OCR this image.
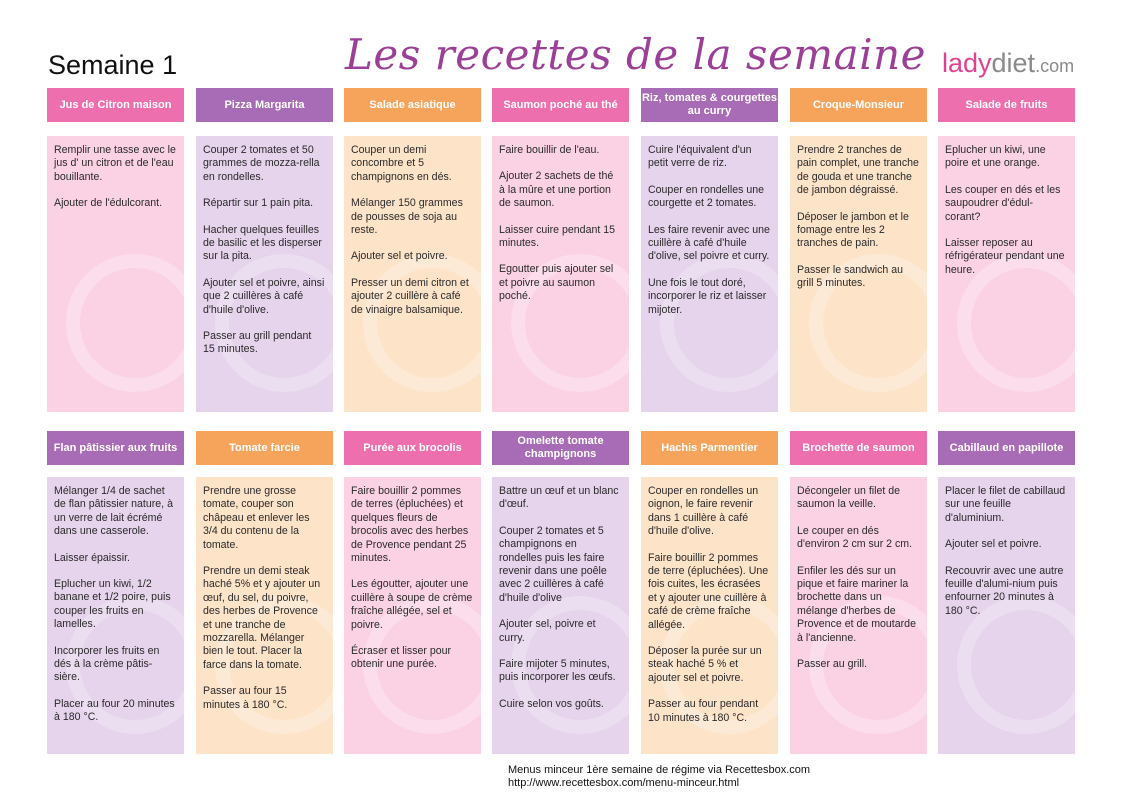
Semaine 1	Les recettes de la semaine ladydiet.com
Jus de Citron maison

Remplir une tasse avec le jus d' un citron et de l'eau bouillante.

Ajouter de l'édulcorant.

Pizza Margarita

Couper 2 tomates et 50 grammes de mozza-rella en rondelles.

Répartir sur 1 pain pita.

Hacher quelques feuilles de basilic et les disperser sur la pita.

Ajouter sel et poivre, ainsi que 2 cuillères à café d'huile d'olive.

Passer au grill pendant 15 minutes.

Salade asiatique

Couper un demi concombre et 5 champignons en dés.

Mélanger 150 grammes de pousses de soja au reste.

Ajouter sel et poivre.

Presser un demi citron et ajouter 2 cuillère à café de vinaigre balsamique.

Saumon poché au thé

Faire bouillir de l'eau.

Ajouter 2 sachets de thé à la mûre et une portion de saumon.

Laisser cuire pendant 15 minutes.

Egoutter puis ajouter sel et poivre au saumon poché.

Riz, tomates & courgettes au curry

Cuire l'équivalent d'un petit verre de riz.

Couper en rondelles une courgette et 2 tomates.

Les faire revenir avec une cuillère à café d'huile d'olive, sel poivre et curry.

Une fois le tout doré, incorporer le riz et laisser mijoter.

Croque-Monsieur

Prendre 2 tranches de pain complet, une tranche de gouda et une tranche de jambon dégraissé.

Déposer le jambon et le fomage entre les 2 tranches de pain.

Passer le sandwich au grill 5 minutes.

Salade de fruits

Eplucher un kiwi, une poire et une orange.

Les couper en dés et les saupoudrer d'édul-corant?

Laisser reposer au réfrigérateur pendant une heure.

Flan pâtissier aux fruits

Mélanger 1/4 de sachet de flan pâtissier nature, à un verre de lait écrémé dans une casserole.

Laisser épaissir.

Eplucher un kiwi, 1/2 banane et 1/2 poire, puis couper les fruits en lamelles.

Incorporer les fruits en dés à la crème pâtis-sière.

Placer au four 20 minutes à 180 °C.

Tomate farcie

Prendre une grosse tomate, couper son châpeau et enlever les 3/4 du contenu de la tomate.

Prendre un demi steak haché 5% et y ajouter un œuf, du sel, du poivre, des herbes de Provence et une tranche de mozzarella. Mélanger bien le tout. Placer la farce dans la tomate.

Passer au four 15 minutes à 180 °C.

Purée aux brocolis

Faire bouillir 2 pommes de terres (épluchées) et quelques fleurs de brocolis avec des herbes de Provence pendant 25 minutes.

Les égoutter, ajouter une cuillère à soupe de crème fraîche allégée, sel et poivre.

Écraser et lisser pour obtenir une purée.

Omelette tomate champignons

Battre un œuf et un blanc d'œuf.

Couper 2 tomates et 5 champignons en rondelles puis les faire revenir dans une poêle avec 2 cuillères à café d'huile d'olive

Ajouter sel, poivre et curry.

Faire mijoter 5 minutes, puis incorporer les œufs.

Cuire selon vos goûts.

Hachis Parmentier

Couper en rondelles un oignon, le faire revenir dans 1 cuillère à café d'huile d'olive.

Faire bouillir 2 pommes de terre (épluchées). Une fois cuites, les écrasées et y ajouter une cuillère à café de crème fraîche allégée.

Déposer la purée sur un steak haché 5 % et ajouter sel et poivre.

Passer au four pendant 10 minutes à 180 °C.

Brochette de saumon

Décongeler un filet de saumon la veille.

Le couper en dés d'environ 2 cm sur 2 cm.

Enfiler les dés sur un pique et faire mariner la brochette dans un mélange d'herbes de Provence et de moutarde à l'ancienne.

Passer au grill.

Cabillaud en papillote

Placer le filet de cabillaud sur une feuille d'aluminium.

Ajouter sel et poivre.

Recouvrir avec une autre feuille d'alumi-nium puis enfourner 20 minutes à 180 °C.

Menus minceur 1ère semaine de régime via Recettesbox.com
http://www.recettesbox.com/menu-minceur.html
